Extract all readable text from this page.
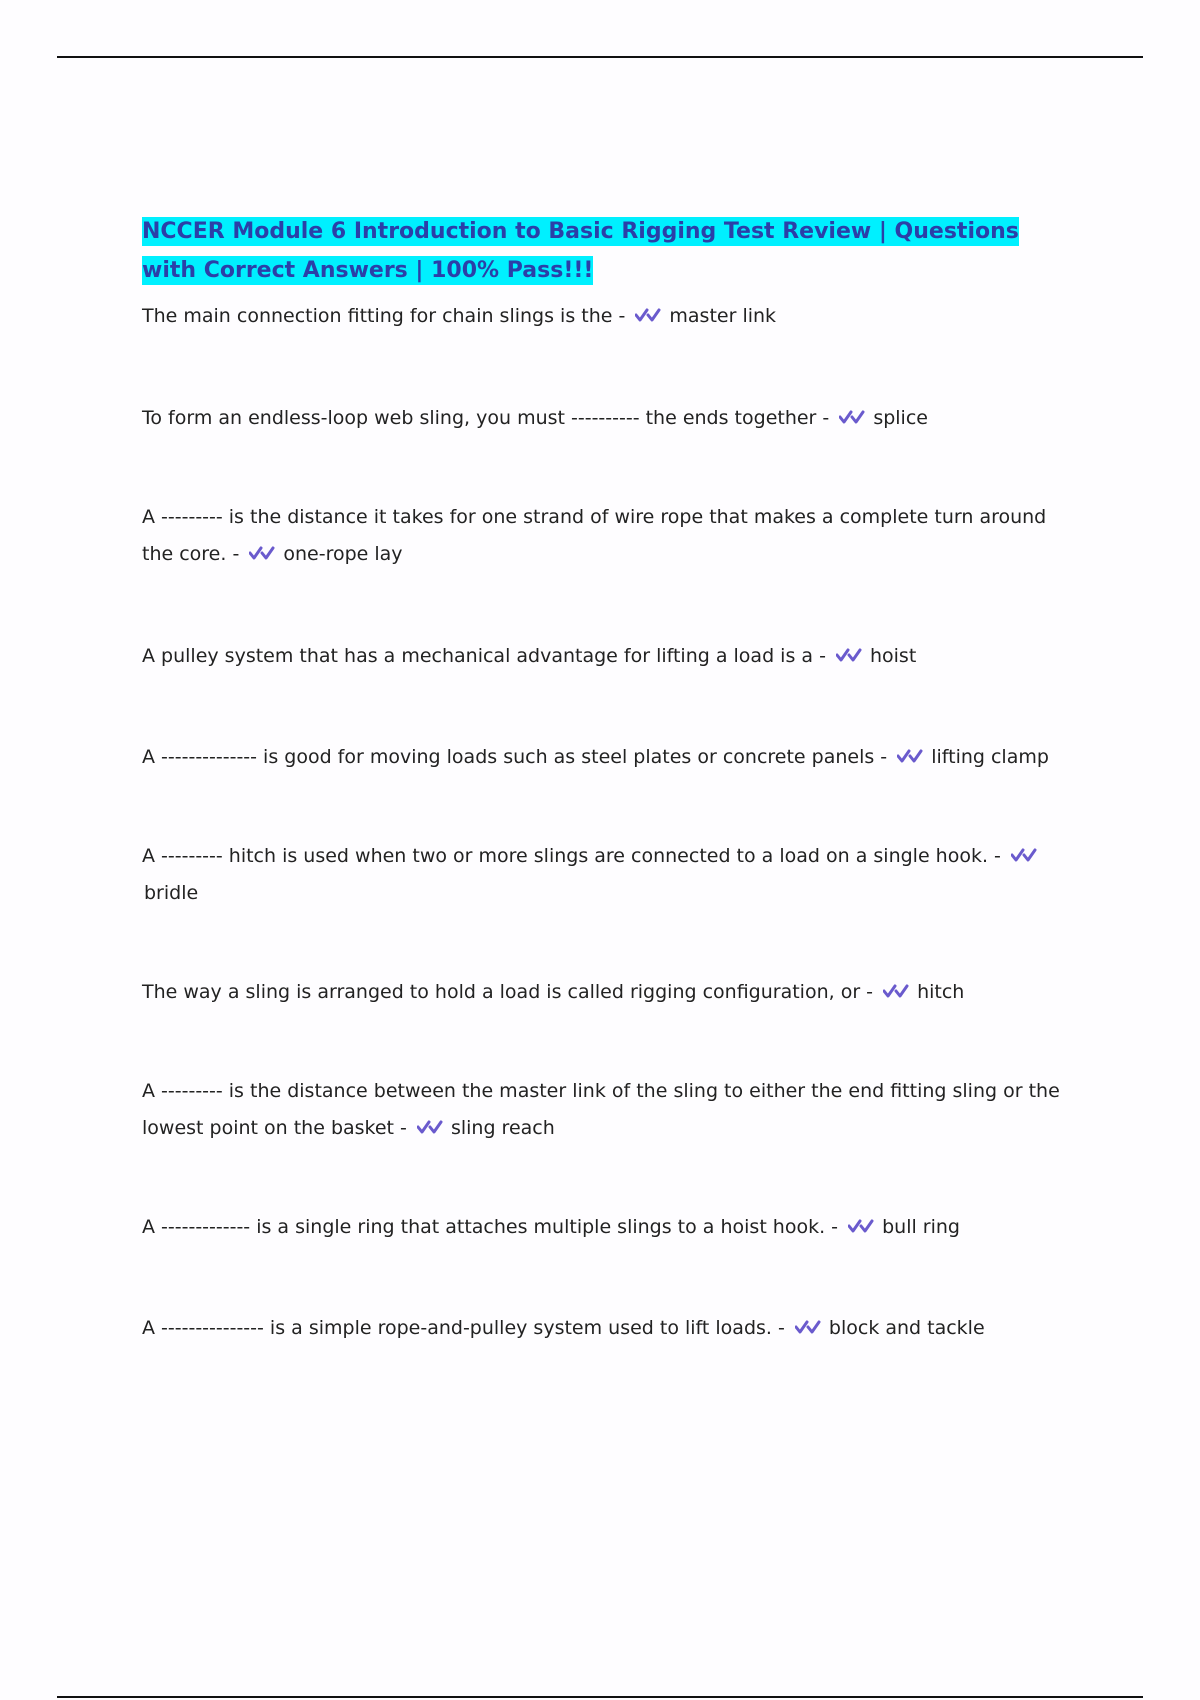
NCCER Module 6 Introduction to Basic Rigging Test Review | Questions with Correct Answers | 100% Pass!!!

The main connection fitting for chain slings is the - master link

To form an endless-loop web sling, you must ---------- the ends together - splice

A --------- is the distance it takes for one strand of wire rope that makes a complete turn around the core. - one-rope lay

A pulley system that has a mechanical advantage for lifting a load is a - hoist

A -------------- is good for moving loads such as steel plates or concrete panels - lifting clamp

A --------- hitch is used when two or more slings are connected to a load on a single hook. -
bridle

The way a sling is arranged to hold a load is called rigging configuration, or - hitch

A --------- is the distance between the master link of the sling to either the end fitting sling or the lowest point on the basket - sling reach

A ------------- is a single ring that attaches multiple slings to a hoist hook. - bull ring

A --------------- is a simple rope-and-pulley system used to lift loads. - block and tackle
